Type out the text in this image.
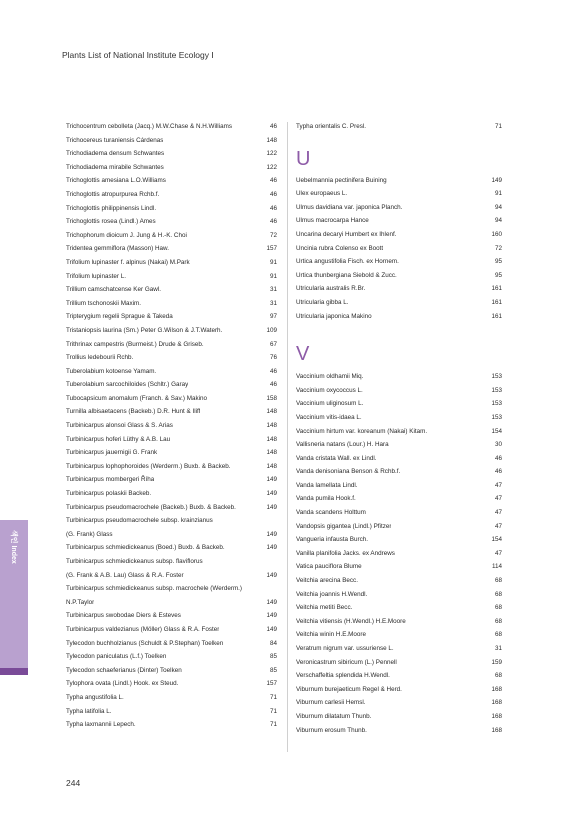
Plants List of National Institute Ecology Ⅰ
Trichocentrum cebolleta (Jacq.) M.W.Chase & N.H.Williams	46
Trichocereus turaniensis Cárdenas	148
Trichodiadema densum Schwantes	122
Trichodiadema mirabile Schwantes	122
Trichoglottis amesiana L.O.Williams	46
Trichoglottis atropurpurea Rchb.f.	46
Trichoglottis philippinensis Lindl.	46
Trichoglottis rosea (Lindl.) Ames	46
Trichophorum dioicum J. Jung & H.-K. Choi	72
Tridentea gemmiflora (Masson) Haw.	157
Trifolium lupinaster f. alpinus (Nakai) M.Park	91
Trifolium lupinaster L.	91
Trillium camschatcense Ker Gawl.	31
Trillium tschonoskii Maxim.	31
Tripterygium regelii Sprague & Takeda	97
Tristaniopsis laurina (Sm.) Peter G.Wilson & J.T.Waterh.	109
Trithrinax campestris (Burmeist.) Drude & Griseb.	67
Trollius ledebourii Rchb.	76
Tuberolabium kotoense Yamam.	46
Tuberolabium sarcochiloides (Schltr.) Garay	46
Tubocapsicum anomalum (Franch. & Sav.) Makino	158
Turnilla albisaetacens (Backeb.) D.R. Hunt & Iliff	148
Turbinicarpus alonsoi Glass & S. Arias	148
Turbinicarpus hoferi Lüthy & A.B. Lau	148
Turbinicarpus jauernigii G. Frank	148
Turbinicarpus lophophoroides (Werderm.) Buxb. & Backeb.	148
Turbinicarpus mombergeri Říha	149
Turbinicarpus polaskii Backeb.	149
Turbinicarpus pseudomacrochele (Backeb.) Buxb. & Backeb.	149
Turbinicarpus pseudomacrochele subsp. krainzianus
(G. Frank) Glass	149
Turbinicarpus schmiedickeanus (Boed.) Buxb. & Backeb.	149
Turbinicarpus schmiedickeanus subsp. flaviflorus
(G. Frank & A.B. Lau) Glass & R.A. Foster	149
Turbinicarpus schmiedickeanus subsp. macrochele (Werderm.)
N.P.Taylor	149
Turbinicarpus swobodae Diers & Esteves	149
Turbinicarpus valdezianus (Mӧller) Glass & R.A. Foster	149
Tylecodon buchholzianus (Schuldt & P.Stephan) Toelken	84
Tylecodon paniculatus (L.f.) Toelken	85
Tylecodon schaeferianus (Dinter) Toelken	85
Tylophora ovata (Lindl.) Hook. ex Steud.	157
Typha angustifolia L.	71
Typha latifolia L.	71
Typha laxmannii Lepech.	71
Typha orientalis C. Presl.	71
U
Uebelmannia pectinifera Buining	149
Ulex europaeus L.	91
Ulmus davidiana var. japonica Planch.	94
Ulmus macrocarpa Hance	94
Uncarina decaryi Humbert ex Ihlenf.	160
Uncinia rubra Colenso ex Boott	72
Urtica angustifolia Fisch. ex Hornem.	95
Urtica thunbergiana Siebold & Zucc.	95
Utricularia australis R.Br.	161
Utricularia gibba L.	161
Utricularia japonica Makino	161
V
Vaccinium oldhamii Miq.	153
Vaccinium oxycoccus L.	153
Vaccinium uliginosum L.	153
Vaccinium vitis-idaea L.	153
Vaccinium hirtum var. koreanum (Nakai) Kitam.	154
Vallisneria natans (Lour.) H. Hara	30
Vanda cristata Wall. ex Lindl.	46
Vanda denisoniana Benson & Rchb.f.	46
Vanda lamellata Lindl.	47
Vanda pumila Hook.f.	47
Vanda scandens Holttum	47
Vandopsis gigantea (Lindl.) Pfitzer	47
Vangueria infausta Burch.	154
Vanilla planifolia Jacks. ex Andrews	47
Vatica pauciflora Blume	114
Veitchia arecina Becc.	68
Veitchia joannis H.Wendl.	68
Veitchia metiti Becc.	68
Veitchia vitiensis (H.Wendl.) H.E.Moore	68
Veitchia winin H.E.Moore	68
Veratrum nigrum var. ussuriense L.	31
Veronicastrum sibiricum (L.) Pennell	159
Verschaffeltia splendida H.Wendl.	68
Viburnum burejaeticum Regel & Herd.	168
Viburnum carlesii Hemsl.	168
Viburnum dilatatum Thunb.	168
Viburnum erosum Thunb.	168
색인 Index
244
